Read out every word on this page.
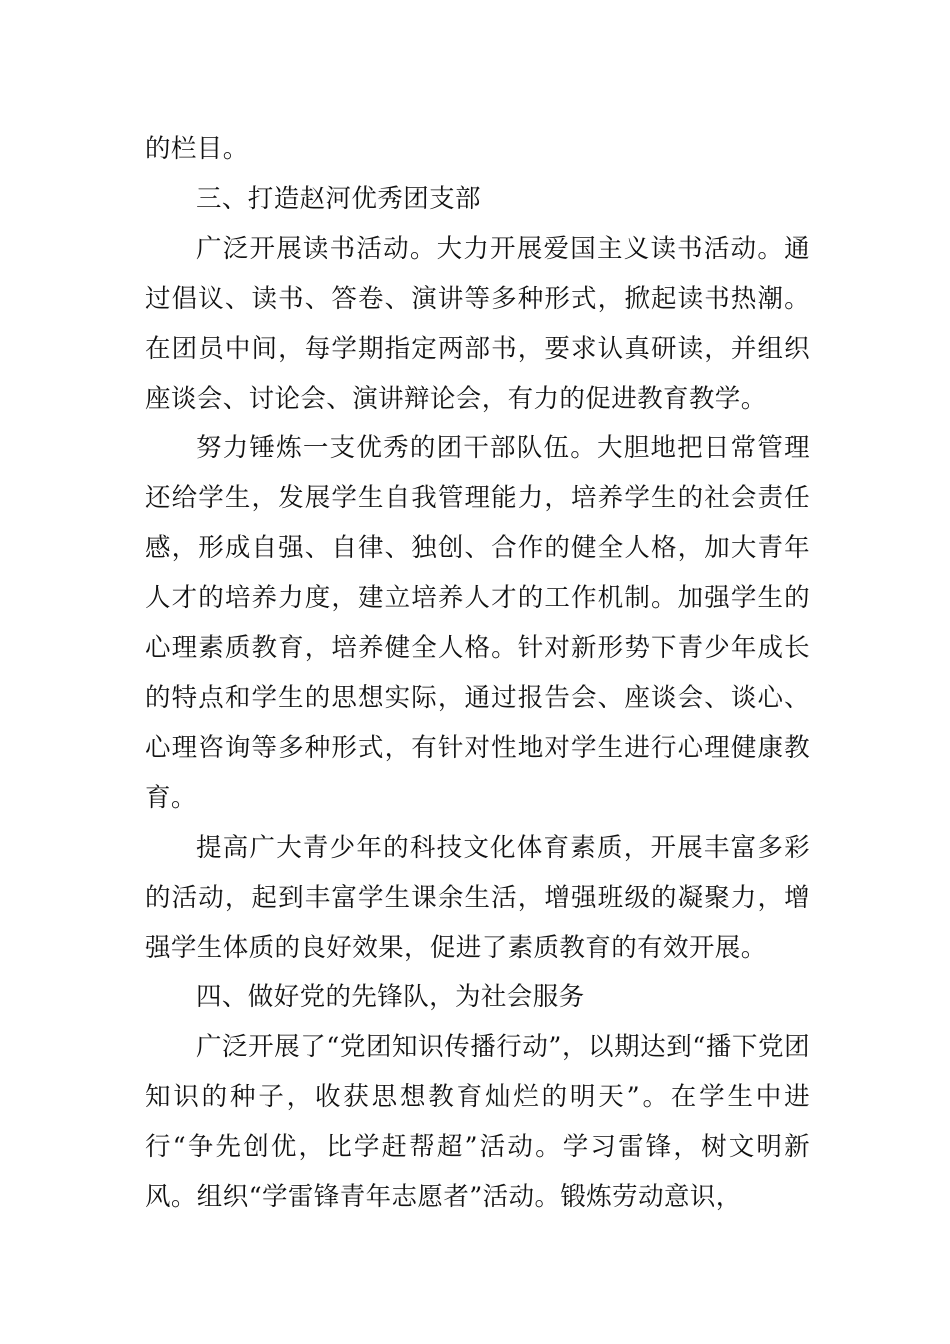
的栏目。

三、打造赵河优秀团支部

广泛开展读书活动。大力开展爱国主义读书活动。通过倡议、读书、答卷、演讲等多种形式，掀起读书热潮。在团员中间，每学期指定两部书，要求认真研读，并组织座谈会、讨论会、演讲辩论会，有力的促进教育教学。

努力锤炼一支优秀的团干部队伍。大胆地把日常管理还给学生，发展学生自我管理能力，培养学生的社会责任感，形成自强、自律、独创、合作的健全人格，加大青年人才的培养力度，建立培养人才的工作机制。加强学生的心理素质教育，培养健全人格。针对新形势下青少年成长的特点和学生的思想实际，通过报告会、座谈会、谈心、心理咨询等多种形式，有针对性地对学生进行心理健康教育。

提高广大青少年的科技文化体育素质，开展丰富多彩的活动，起到丰富学生课余生活，增强班级的凝聚力，增强学生体质的良好效果，促进了素质教育的有效开展。

四、做好党的先锋队，为社会服务

广泛开展了“党团知识传播行动”，以期达到“播下党团知识的种子，收获思想教育灿烂的明天”。在学生中进行“争先创优，比学赶帮超”活动。学习雷锋，树文明新风。组织“学雷锋青年志愿者”活动。锻炼劳动意识，
